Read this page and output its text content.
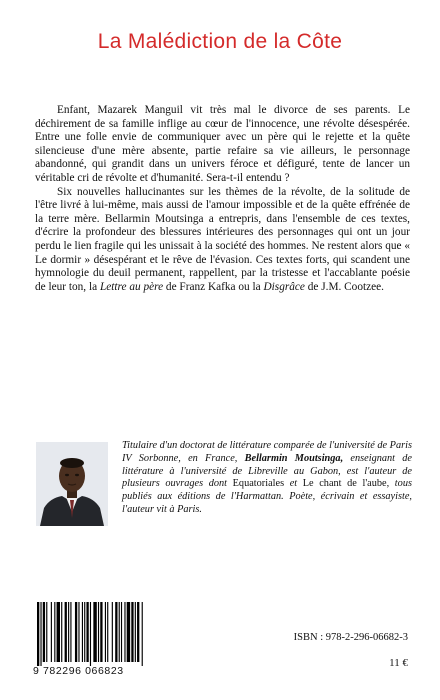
La Malédiction de la Côte

Enfant, Mazarek Manguil vit très mal le divorce de ses parents. Le déchirement de sa famille inflige au cœur de l'innocence, une révolte désespérée. Entre une folle envie de communiquer avec un père qui le rejette et la quête silencieuse d'une mère absente, partie refaire sa vie ailleurs, le personnage abandonné, qui grandit dans un univers féroce et défiguré, tente de lancer un véritable cri de révolte et d'humanité. Sera-t-il entendu ?

Six nouvelles hallucinantes sur les thèmes de la révolte, de la solitude de l'être livré à lui-même, mais aussi de l'amour impossible et de la quête effrénée de la terre mère. Bellarmin Moutsinga a entrepris, dans l'ensemble de ces textes, d'écrire la profondeur des blessures intérieures des personnages qui ont un jour perdu le lien fragile qui les unissait à la société des hommes. Ne restent alors que « Le dormir » désespérant et le rêve de l'évasion. Ces textes forts, qui scandent une hymnologie du deuil permanent, rappellent, par la tristesse et l'accablante poésie de leur ton, la Lettre au père de Franz Kafka ou la Disgrâce de J.M. Cootzee.

Titulaire d'un doctorat de littérature comparée de l'université de Paris IV Sorbonne, en France, Bellarmin Moutsinga, enseignant de littérature à l'université de Libreville au Gabon, est l'auteur de plusieurs ouvrages dont Equatoriales et Le chant de l'aube, tous publiés aux éditions de l'Harmattan. Poète, écrivain et essayiste, l'auteur vit à Paris.
9 782296 066823
ISBN : 978-2-296-06682-3
11 €
